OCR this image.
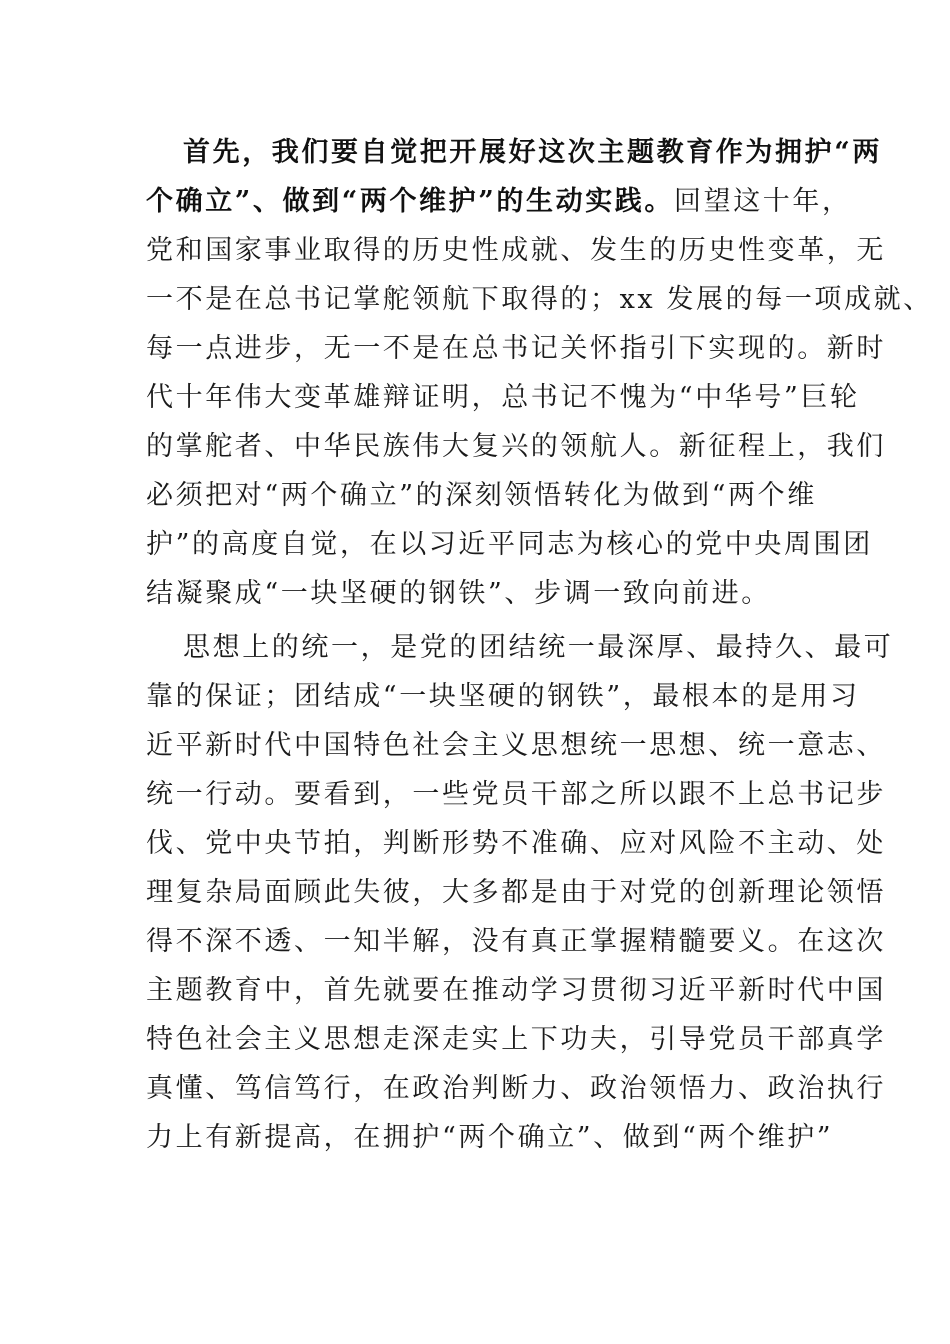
首先，我们要自觉把开展好这次主题教育作为拥护“两
个确立”、做到“两个维护”的生动实践。回望这十年，
党和国家事业取得的历史性成就、发生的历史性变革，无
一不是在总书记掌舵领航下取得的；xx 发展的每一项成就、
每一点进步，无一不是在总书记关怀指引下实现的。新时
代十年伟大变革雄辩证明，总书记不愧为“中华号”巨轮
的掌舵者、中华民族伟大复兴的领航人。新征程上，我们
必须把对“两个确立”的深刻领悟转化为做到“两个维
护”的高度自觉，在以习近平同志为核心的党中央周围团
结凝聚成“一块坚硬的钢铁”、步调一致向前进。
思想上的统一，是党的团结统一最深厚、最持久、最可
靠的保证；团结成“一块坚硬的钢铁”，最根本的是用习
近平新时代中国特色社会主义思想统一思想、统一意志、
统一行动。要看到，一些党员干部之所以跟不上总书记步
伐、党中央节拍，判断形势不准确、应对风险不主动、处
理复杂局面顾此失彼，大多都是由于对党的创新理论领悟
得不深不透、一知半解，没有真正掌握精髓要义。在这次
主题教育中，首先就要在推动学习贯彻习近平新时代中国
特色社会主义思想走深走实上下功夫，引导党员干部真学
真懂、笃信笃行，在政治判断力、政治领悟力、政治执行
力上有新提高，在拥护“两个确立”、做到“两个维护”
